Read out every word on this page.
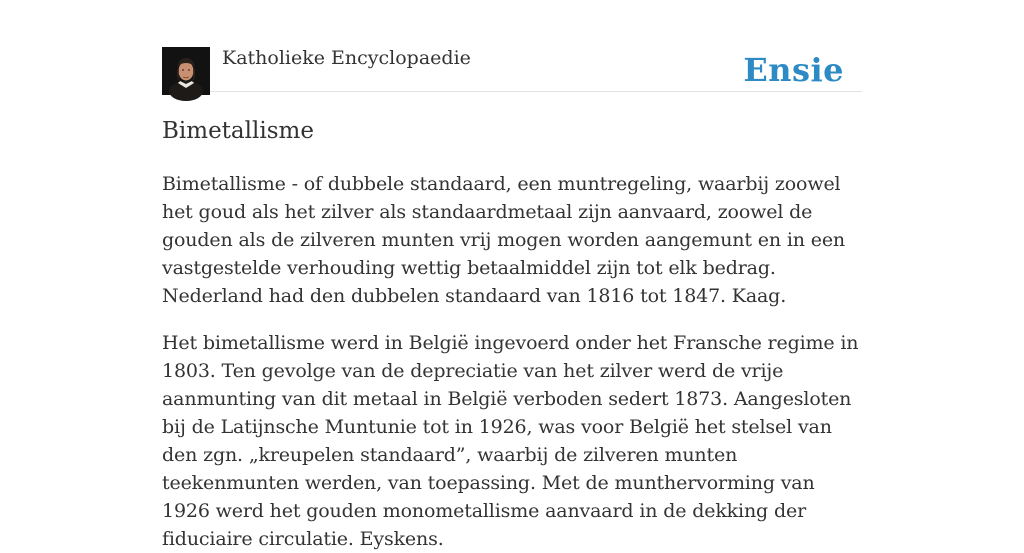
Katholieke Encyclopaedie	Ensie
Bimetallisme

Bimetallisme - of dubbele standaard, een muntregeling, waarbij zoowel het goud als het zilver als standaardmetaal zijn aanvaard, zoowel de gouden als de zilveren munten vrij mogen worden aangemunt en in een vastgestelde verhouding wettig betaalmiddel zijn tot elk bedrag. Nederland had den dubbelen standaard van 1816 tot 1847. Kaag.

Het bimetallisme werd in België ingevoerd onder het Fransche regime in 1803. Ten gevolge van de depreciatie van het zilver werd de vrije aanmunting van dit metaal in België verboden sedert 1873. Aangesloten bij de Latijnsche Muntunie tot in 1926, was voor België het stelsel van den zgn. „kreupelen standaard”, waarbij de zilveren munten teekenmunten werden, van toepassing. Met de munthervorming van 1926 werd het gouden monometallisme aanvaard in de dekking der fiduciaire circulatie. Eyskens.
